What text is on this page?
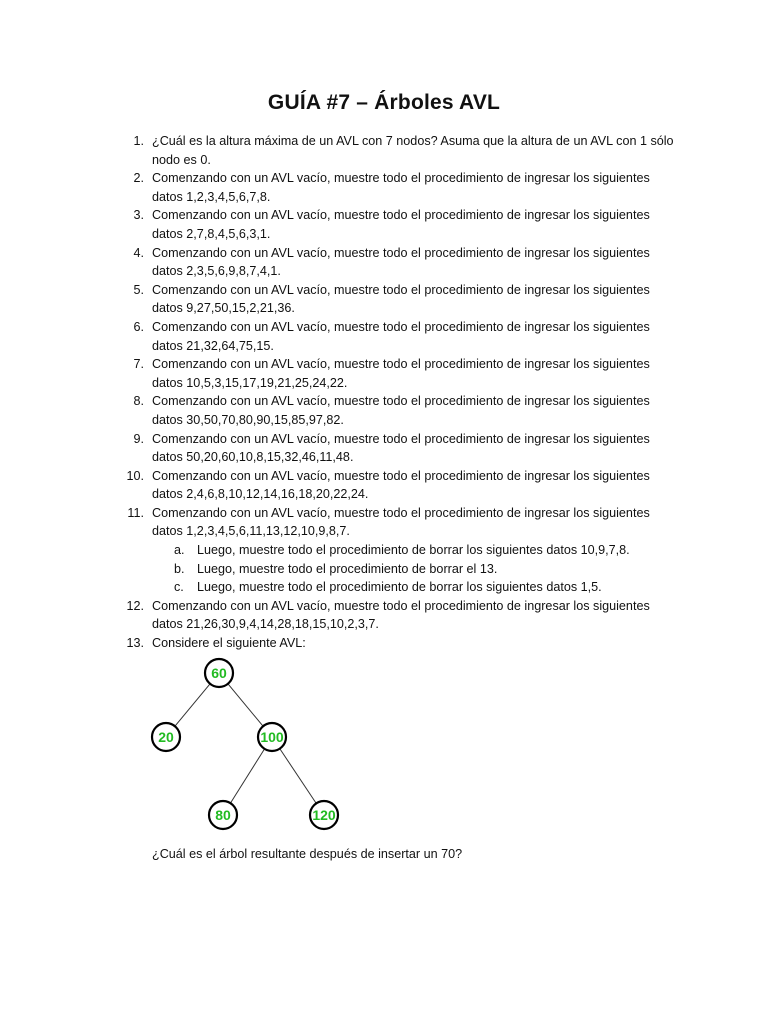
GUÍA #7 – Árboles AVL
1. ¿Cuál es la altura máxima de un AVL con 7 nodos? Asuma que la altura de un AVL con 1 sólo nodo es 0.
2. Comenzando con un AVL vacío, muestre todo el procedimiento de ingresar los siguientes datos 1,2,3,4,5,6,7,8.
3. Comenzando con un AVL vacío, muestre todo el procedimiento de ingresar los siguientes datos 2,7,8,4,5,6,3,1.
4. Comenzando con un AVL vacío, muestre todo el procedimiento de ingresar los siguientes datos 2,3,5,6,9,8,7,4,1.
5. Comenzando con un AVL vacío, muestre todo el procedimiento de ingresar los siguientes datos 9,27,50,15,2,21,36.
6. Comenzando con un AVL vacío, muestre todo el procedimiento de ingresar los siguientes datos 21,32,64,75,15.
7. Comenzando con un AVL vacío, muestre todo el procedimiento de ingresar los siguientes datos 10,5,3,15,17,19,21,25,24,22.
8. Comenzando con un AVL vacío, muestre todo el procedimiento de ingresar los siguientes datos 30,50,70,80,90,15,85,97,82.
9. Comenzando con un AVL vacío, muestre todo el procedimiento de ingresar los siguientes datos 50,20,60,10,8,15,32,46,11,48.
10. Comenzando con un AVL vacío, muestre todo el procedimiento de ingresar los siguientes datos 2,4,6,8,10,12,14,16,18,20,22,24.
11. Comenzando con un AVL vacío, muestre todo el procedimiento de ingresar los siguientes datos 1,2,3,4,5,6,11,13,12,10,9,8,7.
a. Luego, muestre todo el procedimiento de borrar los siguientes datos 10,9,7,8.
b. Luego, muestre todo el procedimiento de borrar el 13.
c. Luego, muestre todo el procedimiento de borrar los siguientes datos 1,5.
12. Comenzando con un AVL vacío, muestre todo el procedimiento de ingresar los siguientes datos 21,26,30,9,4,14,28,18,15,10,2,3,7.
13. Considere el siguiente AVL:
60
20	100
80	120
¿Cuál es el árbol resultante después de insertar un 70?
